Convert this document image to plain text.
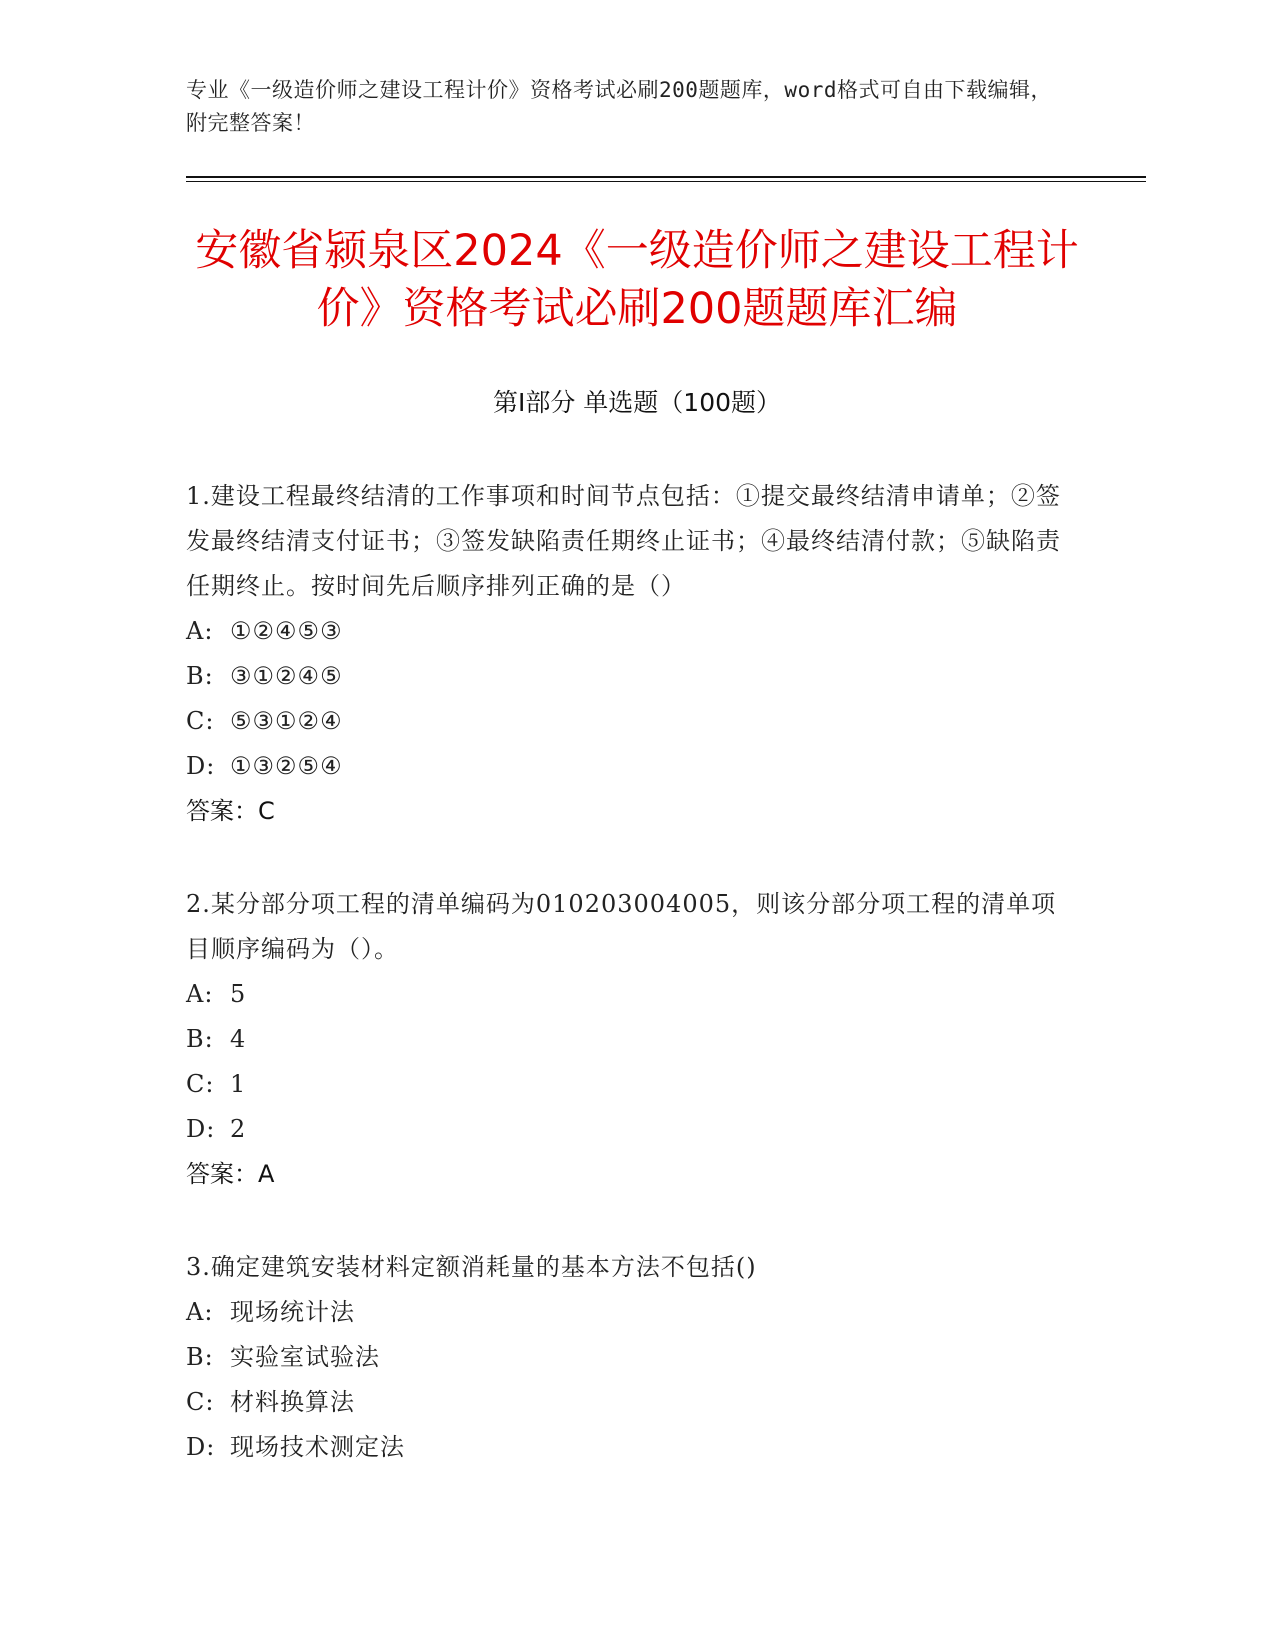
专业《一级造价师之建设工程计价》资格考试必刷200题题库，word格式可自由下载编辑，附完整答案！
安徽省颍泉区2024《一级造价师之建设工程计价》资格考试必刷200题题库汇编
第Ⅰ部分 单选题（100题）

1.建设工程最终结清的工作事项和时间节点包括：①提交最终结清申请单；②签发最终结清支付证书；③签发缺陷责任期终止证书；④最终结清付款；⑤缺陷责任期终止。按时间先后顺序排列正确的是（）

A: ①②④⑤③
B: ③①②④⑤
C: ⑤③①②④
D: ①③②⑤④
答案：C

2.某分部分项工程的清单编码为010203004005，则该分部分项工程的清单项目顺序编码为（）。

A: 5
B: 4
C: 1
D: 2
答案：A

3.确定建筑安装材料定额消耗量的基本方法不包括()

A: 现场统计法
B: 实验室试验法
C: 材料换算法
D: 现场技术测定法
